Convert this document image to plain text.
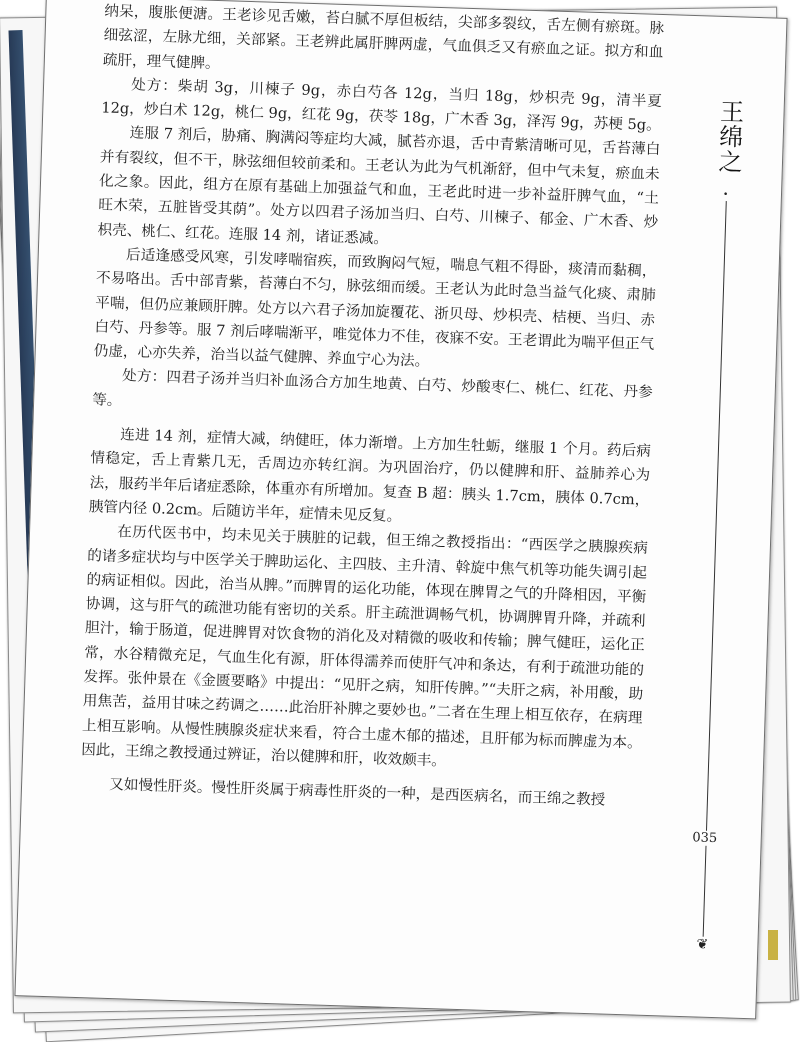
纳呆，腹胀便溏。王老诊见舌嫩，苔白腻不厚但板结，尖部多裂纹，舌左侧有瘀斑。脉细弦涩，左脉尤细，关部紧。王老辨此属肝脾两虚，气血俱乏又有瘀血之证。拟方和血疏肝，理气健脾。

处方：柴胡 3g，川楝子 9g，赤白芍各 12g，当归 18g，炒枳壳 9g，清半夏 12g，炒白术 12g，桃仁 9g，红花 9g，茯苓 18g，广木香 3g，泽泻 9g，苏梗 5g。

连服 7 剂后，胁痛、胸满闷等症均大减，腻苔亦退，舌中青紫清晰可见，舌苔薄白并有裂纹，但不干，脉弦细但较前柔和。王老认为此为气机渐舒，但中气未复，瘀血未化之象。因此，组方在原有基础上加强益气和血，王老此时进一步补益肝脾气血，“土旺木荣，五脏皆受其荫”。处方以四君子汤加当归、白芍、川楝子、郁金、广木香、炒枳壳、桃仁、红花。连服 14 剂，诸证悉减。

后适逢感受风寒，引发哮喘宿疾，而致胸闷气短，喘息气粗不得卧，痰清而黏稠，不易咯出。舌中部青紫，苔薄白不匀，脉弦细而缓。王老认为此时急当益气化痰、肃肺平喘，但仍应兼顾肝脾。处方以六君子汤加旋覆花、浙贝母、炒枳壳、桔梗、当归、赤白芍、丹参等。服 7 剂后哮喘渐平，唯觉体力不佳，夜寐不安。王老谓此为喘平但正气仍虚，心亦失养，治当以益气健脾、养血宁心为法。

处方：四君子汤并当归补血汤合方加生地黄、白芍、炒酸枣仁、桃仁、红花、丹参等。

连进 14 剂，症情大减，纳健旺，体力渐增。上方加生牡蛎，继服 1 个月。药后病情稳定，舌上青紫几无，舌周边亦转红润。为巩固治疗，仍以健脾和肝、益肺养心为法，服药半年后诸症悉除，体重亦有所增加。复查 B 超：胰头 1.7cm，胰体 0.7cm，胰管内径 0.2cm。后随访半年，症情未见反复。

在历代医书中，均未见关于胰脏的记载，但王绵之教授指出：“西医学之胰腺疾病的诸多症状均与中医学关于脾助运化、主四肢、主升清、斡旋中焦气机等功能失调引起的病证相似。因此，治当从脾。”而脾胃的运化功能，体现在脾胃之气的升降相因，平衡协调，这与肝气的疏泄功能有密切的关系。肝主疏泄调畅气机，协调脾胃升降，并疏利胆汁，输于肠道，促进脾胃对饮食物的消化及对精微的吸收和传输；脾气健旺，运化正常，水谷精微充足，气血生化有源，肝体得濡养而使肝气冲和条达，有利于疏泄功能的发挥。张仲景在《金匮要略》中提出：“见肝之病，知肝传脾。”“夫肝之病，补用酸，助用焦苦，益用甘味之药调之……此治肝补脾之要妙也。”二者在生理上相互依存，在病理上相互影响。从慢性胰腺炎症状来看，符合土虚木郁的描述，且肝郁为标而脾虚为本。因此，王绵之教授通过辨证，治以健脾和肝，收效颇丰。

又如慢性肝炎。慢性肝炎属于病毒性肝炎的一种，是西医病名，而王绵之教授

王绵之
•
035
❦
